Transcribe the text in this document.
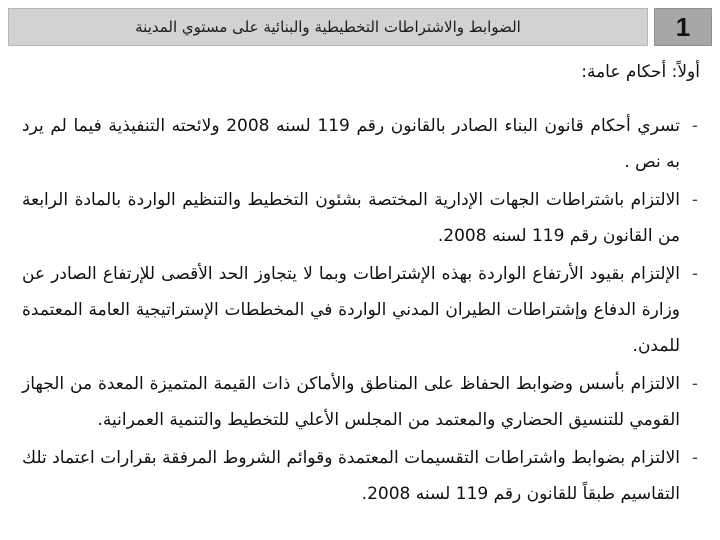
الضوابط والاشتراطات التخطيطية والبنائية على مستوي المدينة	1
أولاً: أحكام عامة:

-
تسري أحكام قانون البناء الصادر بالقانون رقم 119 لسنه 2008 ولائحته التنفيذية فيما لم يرد به نص .

-
الالتزام باشتراطات الجهات الإدارية المختصة بشئون التخطيط والتنظيم الواردة بالمادة الرابعة من القانون رقم 119 لسنه 2008.

-
الإلتزام بقيود الأرتفاع الواردة بهذه الإشتراطات وبما لا يتجاوز الحد الأقصى للإرتفاع الصادر عن وزارة الدفاع وإشتراطات الطيران المدني الواردة في المخططات الإستراتيجية العامة المعتمدة للمدن.

-
الالتزام بأسس وضوابط الحفاظ على المناطق والأماكن ذات القيمة المتميزة المعدة من الجهاز القومي للتنسيق الحضاري والمعتمد من المجلس الأعلي للتخطيط والتنمية العمرانية.

-
الالتزام بضوابط واشتراطات التقسيمات المعتمدة وقوائم الشروط المرفقة بقرارات اعتماد تلك التقاسيم طبقاً للقانون رقم 119 لسنه 2008.
